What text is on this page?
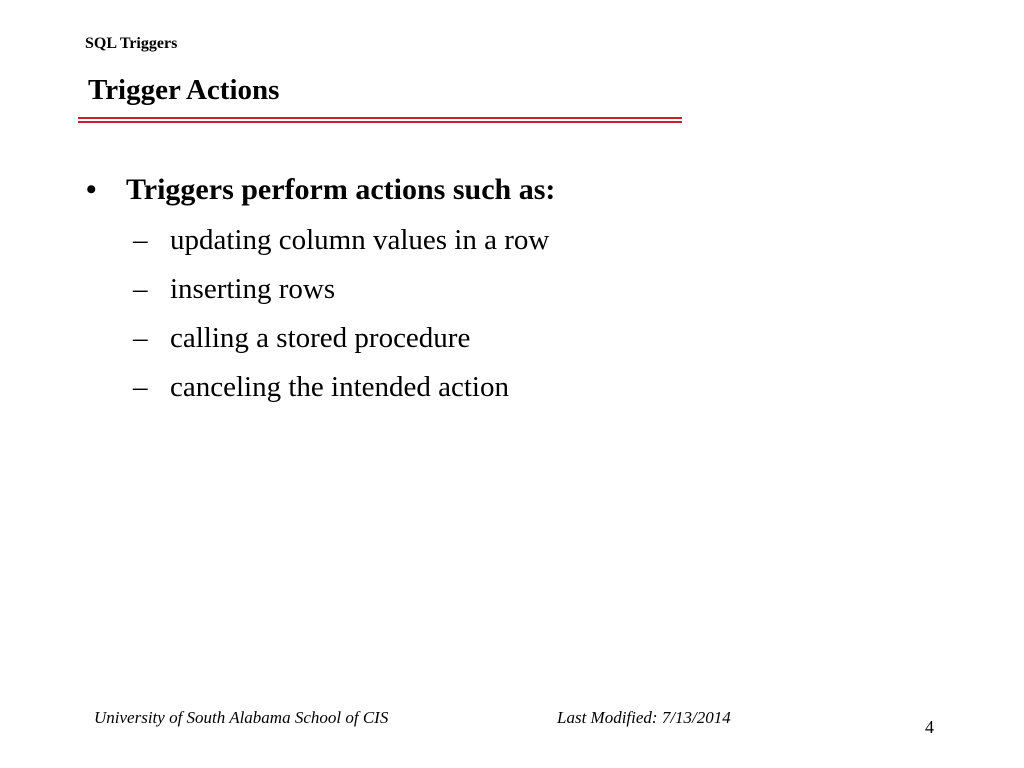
SQL Triggers
Trigger Actions
• Triggers perform actions such as:
– updating column values in a row
– inserting rows
– calling a stored procedure
– canceling the intended action
University of South Alabama School of CIS	Last Modified: 7/13/2014	4
